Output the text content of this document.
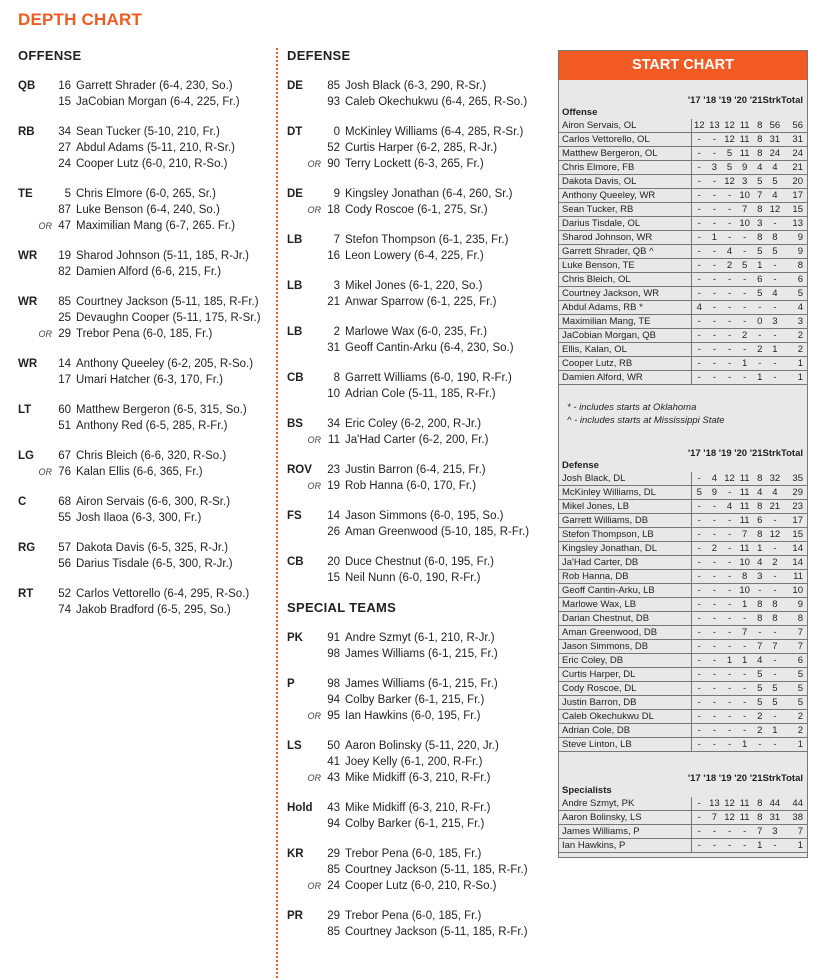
DEPTH CHART
OFFENSE
QB	16 Garrett Shrader (6-4, 230, So.)
15 JaCobian Morgan (6-4, 225, Fr.)
RB	34 Sean Tucker (5-10, 210, Fr.)
27 Abdul Adams (5-11, 210, R-Sr.)
24 Cooper Lutz (6-0, 210, R-So.)
TE	5 Chris Elmore (6-0, 265, Sr.)
87 Luke Benson (6-4, 240, So.)
OR 47 Maximilian Mang (6-7, 265. Fr.)
WR	19 Sharod Johnson (5-11, 185, R-Jr.)
82 Damien Alford (6-6, 215, Fr.)
WR	85 Courtney Jackson (5-11, 185, R-Fr.)
25 Devaughn Cooper (5-11, 175, R-Sr.)
OR 29 Trebor Pena (6-0, 185, Fr.)
WR	14 Anthony Queeley (6-2, 205, R-So.)
17 Umari Hatcher (6-3, 170, Fr.)
LT	60 Matthew Bergeron (6-5, 315, So.)
51 Anthony Red (6-5, 285, R-Fr.)
LG	67 Chris Bleich (6-6, 320, R-So.)
OR 76 Kalan Ellis (6-6, 365, Fr.)
C	68 Airon Servais (6-6, 300, R-Sr.)
55 Josh Ilaoa (6-3, 300, Fr.)
RG	57 Dakota Davis (6-5, 325, R-Jr.)
56 Darius Tisdale (6-5, 300, R-Jr.)
RT	52 Carlos Vettorello (6-4, 295, R-So.)
74 Jakob Bradford (6-5, 295, So.)
DEFENSE
DE	85 Josh Black (6-3, 290, R-Sr.)
93 Caleb Okechukwu (6-4, 265, R-So.)
DT	0 McKinley Williams (6-4, 285, R-Sr.)
52 Curtis Harper (6-2, 285, R-Jr.)
OR 90 Terry Lockett (6-3, 265, Fr.)
DE	9 Kingsley Jonathan (6-4, 260, Sr.)
OR 18 Cody Roscoe (6-1, 275, Sr.)
LB	7 Stefon Thompson (6-1, 235, Fr.)
16 Leon Lowery (6-4, 225, Fr.)
LB	3 Mikel Jones (6-1, 220, So.)
21 Anwar Sparrow (6-1, 225, Fr.)
LB	2 Marlowe Wax (6-0, 235, Fr.)
31 Geoff Cantin-Arku (6-4, 230, So.)
CB	8 Garrett Williams (6-0, 190, R-Fr.)
10 Adrian Cole (5-11, 185, R-Fr.)
BS	34 Eric Coley (6-2, 200, R-Jr.)
OR 11 Ja'Had Carter (6-2, 200, Fr.)
ROV	23 Justin Barron (6-4, 215, Fr.)
OR 19 Rob Hanna (6-0, 170, Fr.)
FS	14 Jason Simmons (6-0, 195, So.)
26 Aman Greenwood (5-10, 185, R-Fr.)
CB	20 Duce Chestnut (6-0, 195, Fr.)
15 Neil Nunn (6-0, 190, R-Fr.)
SPECIAL TEAMS
PK	91 Andre Szmyt (6-1, 210, R-Jr.)
98 James Williams (6-1, 215, Fr.)
P	98 James Williams (6-1, 215, Fr.)
94 Colby Barker (6-1, 215, Fr.)
OR 95 Ian Hawkins (6-0, 195, Fr.)
LS	50 Aaron Bolinsky (5-11, 220, Jr.)
41 Joey Kelly (6-1, 200, R-Fr.)
OR 43 Mike Midkiff (6-3, 210, R-Fr.)
Hold	43 Mike Midkiff (6-3, 210, R-Fr.)
94 Colby Barker (6-1, 215, Fr.)
KR	29 Trebor Pena (6-0, 185, Fr.)
85 Courtney Jackson (5-11, 185, R-Fr.)
OR 24 Cooper Lutz (6-0, 210, R-So.)
PR	29 Trebor Pena (6-0, 185, Fr.)
85 Courtney Jackson (5-11, 185, R-Fr.)
START CHART
'17 '18 '19 '20 '21StrkTotal
Offense
Airon Servais, OL	12	13	12	11	8	56	56
Carlos Vettorello, OL	-	-	12	11	8	31	31
Matthew Bergeron, OL	-	-	5	11	8	24	24
Chris Elmore, FB	-	3	5	9	4	4	21
Dakota Davis, OL	-	-	12	3	5	5	20
Anthony Queeley, WR	-	-	-	10	7	4	17
Sean Tucker, RB	-	-	-	7	8	12	15
Darius Tisdale, OL	-	-	-	10	3	-	13
Sharod Johnson, WR	-	1	-	-	8	8	9
Garrett Shrader, QB ^	-	-	4	-	5	5	9
Luke Benson, TE	-	-	2	5	1	-	8
Chris Bleich, OL	-	-	-	-	6	-	6
Courtney Jackson, WR	-	-	-	-	5	4	5
Abdul Adams, RB *	4	-	-	-	-	-	4
Maximilian Mang, TE	-	-	-	-	0	3	3
JaCobian Morgan, QB	-	-	-	2	-	-	2
Ellis, Kalan, OL	-	-	-	-	2	1	2
Cooper Lutz, RB	-	-	-	1	-	-	1
Damien Alford, WR	-	-	-	-	1	-	1
* - includes starts at Oklahoma
^ - includes starts at Mississippi State
'17 '18 '19 '20 '21StrkTotal
Defense
Josh Black, DL	-	4	12	11	8	32	35
McKinley Williams, DL	5	9	-	11	4	4	29
Mikel Jones, LB	-	-	4	11	8	21	23
Garrett Williams, DB	-	-	-	11	6	-	17
Stefon Thompson, LB	-	-	-	7	8	12	15
Kingsley Jonathan, DL	-	2	-	11	1	-	14
Ja'Had Carter, DB	-	-	-	10	4	2	14
Rob Hanna, DB	-	-	-	8	3	-	11
Geoff Cantin-Arku, LB	-	-	-	10	-	-	10
Marlowe Wax, LB	-	-	-	1	8	8	9
Darian Chestnut, DB	-	-	-	-	8	8	8
Aman Greenwood, DB	-	-	-	7	-	-	7
Jason Simmons, DB	-	-	-	-	7	7	7
Eric Coley, DB	-	-	1	1	4	-	6
Curtis Harper, DL	-	-	-	-	5	-	5
Cody Roscoe, DL	-	-	-	-	5	5	5
Justin Barron, DB	-	-	-	-	5	5	5
Caleb Okechukwu DL	-	-	-	-	2	-	2
Adrian Cole, DB	-	-	-	-	2	1	2
Steve Linton, LB	-	-	-	1	-	-	1
'17 '18 '19 '20 '21StrkTotal
Specialists
Andre Szmyt, PK	-	13	12	11	8	44	44
Aaron Bolinsky, LS	-	7	12	11	8	31	38
James Williams, P	-	-	-	-	7	3	7
Ian Hawkins, P	-	-	-	-	1	-	1
